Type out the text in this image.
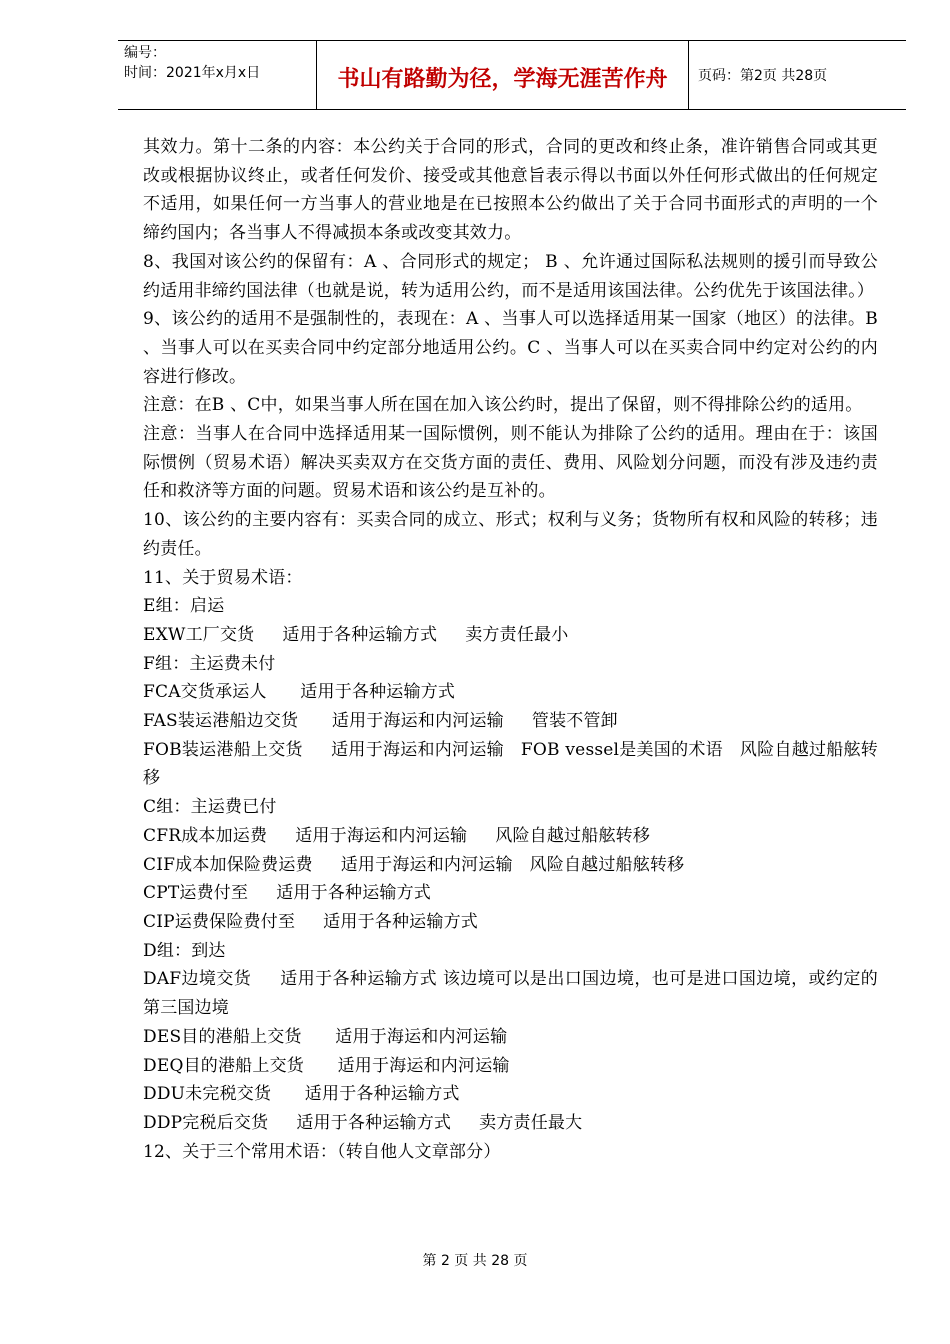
编号：
时间：2021年x月x日	书山有路勤为径，学海无涯苦作舟	页码：第2页 共28页

其效力。第十二条的内容：本公约关于合同的形式，合同的更改和终止条，准许销售合同或其更改或根据协议终止，或者任何发价、接受或其他意旨表示得以书面以外任何形式做出的任何规定不适用，如果任何一方当事人的营业地是在已按照本公约做出了关于合同书面形式的声明的一个缔约国内；各当事人不得减损本条或改变其效力。

8、我国对该公约的保留有：A 、合同形式的规定； B 、允许通过国际私法规则的援引而导致公约适用非缔约国法律（也就是说，转为适用公约，而不是适用该国法律。公约优先于该国法律。）

9、该公约的适用不是强制性的，表现在：A 、当事人可以选择适用某一国家（地区）的法律。B 、当事人可以在买卖合同中约定部分地适用公约。C 、当事人可以在买卖合同中约定对公约的内容进行修改。

注意：在B 、C中，如果当事人所在国在加入该公约时，提出了保留，则不得排除公约的适用。

注意：当事人在合同中选择适用某一国际惯例，则不能认为排除了公约的适用。理由在于：该国际惯例（贸易术语）解决买卖双方在交货方面的责任、费用、风险划分问题，而没有涉及违约责任和救济等方面的问题。贸易术语和该公约是互补的。

10、该公约的主要内容有：买卖合同的成立、形式；权利与义务；货物所有权和风险的转移；违约责任。

11、关于贸易术语：

E组：启运

EXW工厂交货     适用于各种运输方式     卖方责任最小

F组：主运费未付

FCA交货承运人      适用于各种运输方式

FAS装运港船边交货      适用于海运和内河运输     管装不管卸

FOB装运港船上交货     适用于海运和内河运输   FOB vessel是美国的术语   风险自越过船舷转移

C组：主运费已付

CFR成本加运费     适用于海运和内河运输     风险自越过船舷转移

CIF成本加保险费运费     适用于海运和内河运输   风险自越过船舷转移

CPT运费付至     适用于各种运输方式

CIP运费保险费付至     适用于各种运输方式

D组：到达

DAF边境交货     适用于各种运输方式 该边境可以是出口国边境，也可是进口国边境，或约定的第三国边境

DES目的港船上交货      适用于海运和内河运输

DEQ目的港船上交货      适用于海运和内河运输

DDU未完税交货      适用于各种运输方式

DDP完税后交货     适用于各种运输方式     卖方责任最大

12、关于三个常用术语：（转自他人文章部分）

第 2 页 共 28 页
